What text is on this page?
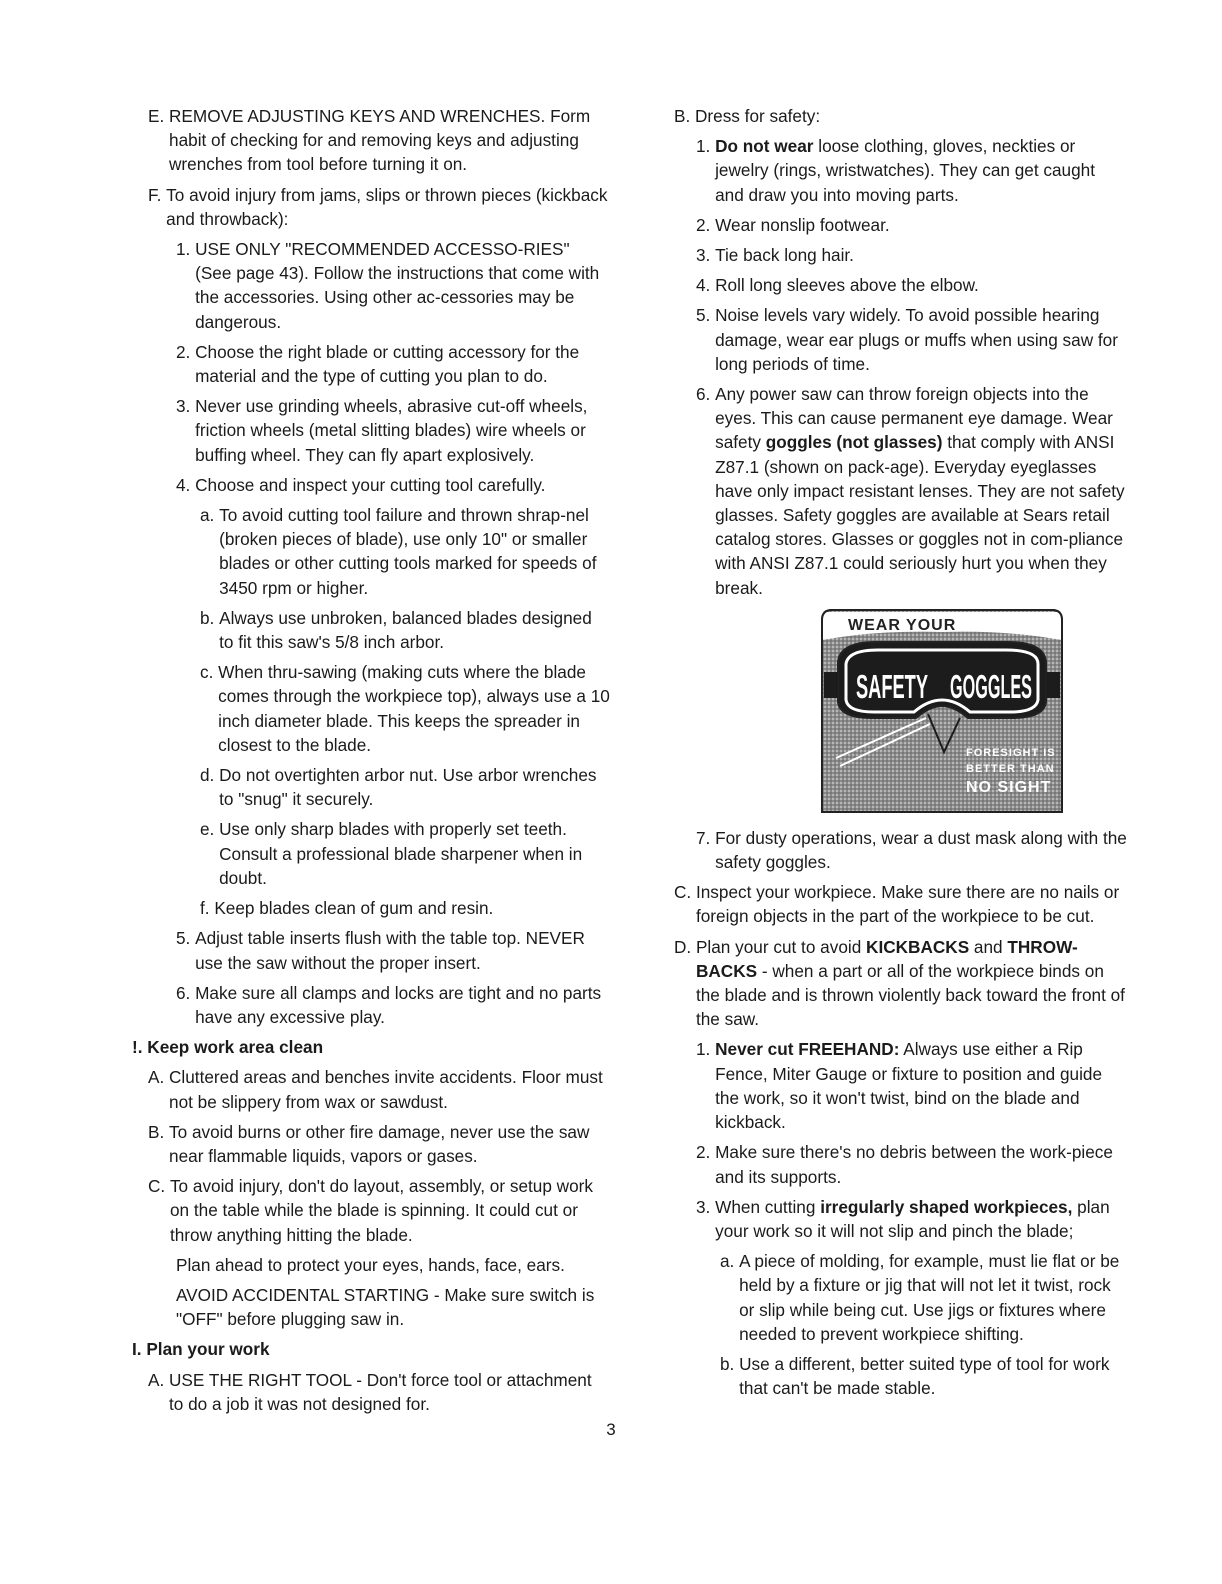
E. REMOVE ADJUSTING KEYS AND WRENCHES. Form habit of checking for and removing keys and adjusting wrenches from tool before turning it on.
F. To avoid injury from jams, slips or thrown pieces (kickback and throwback):
1. USE ONLY "RECOMMENDED ACCESSO-RIES" (See page 43). Follow the instructions that come with the accessories. Using other ac-cessories may be dangerous.
2. Choose the right blade or cutting accessory for the material and the type of cutting you plan to do.
3. Never use grinding wheels, abrasive cut-off wheels, friction wheels (metal slitting blades) wire wheels or buffing wheel. They can fly apart explosively.
4. Choose and inspect your cutting tool carefully.
a. To avoid cutting tool failure and thrown shrap-nel (broken pieces of blade), use only 10" or smaller blades or other cutting tools marked for speeds of 3450 rpm or higher.
b. Always use unbroken, balanced blades designed to fit this saw's 5/8 inch arbor.
c. When thru-sawing (making cuts where the blade comes through the workpiece top), always use a 10 inch diameter blade. This keeps the spreader in closest to the blade.
d. Do not overtighten arbor nut. Use arbor wrenches to "snug" it securely.
e. Use only sharp blades with properly set teeth. Consult a professional blade sharpener when in doubt.
f. Keep blades clean of gum and resin.
5. Adjust table inserts flush with the table top. NEVER use the saw without the proper insert.
6. Make sure all clamps and locks are tight and no parts have any excessive play.
!. Keep work area clean
A. Cluttered areas and benches invite accidents. Floor must not be slippery from wax or sawdust.
B. To avoid burns or other fire damage, never use the saw near flammable liquids, vapors or gases.
C. To avoid injury, don't do layout, assembly, or setup work on the table while the blade is spinning. It could cut or throw anything hitting the blade.
Plan ahead to protect your eyes, hands, face, ears.
AVOID ACCIDENTAL STARTING - Make sure switch is "OFF" before plugging saw in.
I. Plan your work
A. USE THE RIGHT TOOL - Don't force tool or attachment to do a job it was not designed for.
B. Dress for safety:
1. Do not wear loose clothing, gloves, neckties or jewelry (rings, wristwatches). They can get caught and draw you into moving parts.
2. Wear nonslip footwear.
3. Tie back long hair.
4. Roll long sleeves above the elbow.
5. Noise levels vary widely. To avoid possible hearing damage, wear ear plugs or muffs when using saw for long periods of time.
6. Any power saw can throw foreign objects into the eyes. This can cause permanent eye damage. Wear safety goggles (not glasses) that comply with ANSI Z87.1 (shown on pack-age). Everyday eyeglasses have only impact resistant lenses. They are not safety glasses. Safety goggles are available at Sears retail catalog stores. Glasses or goggles not in com-pliance with ANSI Z87.1 could seriously hurt you when they break.
WEAR YOUR
SAFETY GOGGLES
FORESIGHT IS
BETTER THAN
NO SIGHT
7. For dusty operations, wear a dust mask along with the safety goggles.
C. Inspect your workpiece. Make sure there are no nails or foreign objects in the part of the workpiece to be cut.
D. Plan your cut to avoid KICKBACKS and THROW-BACKS - when a part or all of the workpiece binds on the blade and is thrown violently back toward the front of the saw.
1. Never cut FREEHAND: Always use either a Rip Fence, Miter Gauge or fixture to position and guide the work, so it won't twist, bind on the blade and kickback.
2. Make sure there's no debris between the work-piece and its supports.
3. When cutting irregularly shaped workpieces, plan your work so it will not slip and pinch the blade;
a. A piece of molding, for example, must lie flat or be held by a fixture or jig that will not let it twist, rock or slip while being cut. Use jigs or fixtures where needed to prevent workpiece shifting.
b. Use a different, better suited type of tool for work that can't be made stable.
3
